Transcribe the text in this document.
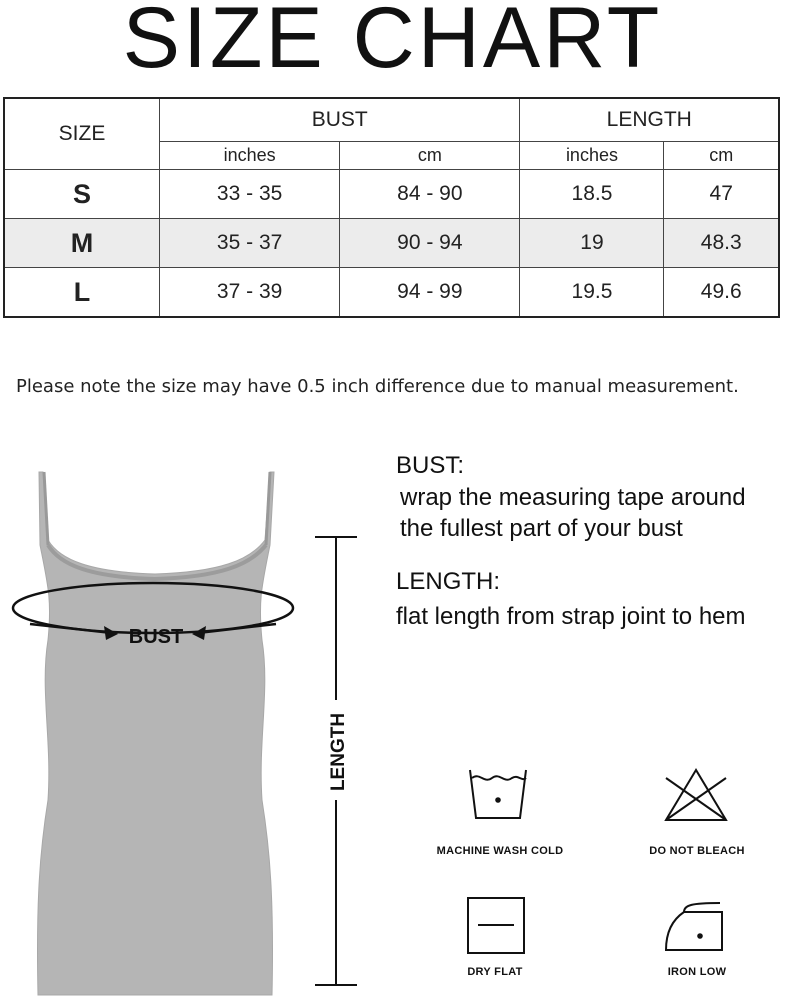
SIZE CHART
SIZE	BUST		LENGTH	
	inches	cm	inches	cm
S	33 - 35	84 - 90	18.5	47
M	35 - 37	90 - 94	19	48.3
L	37 - 39	94 - 99	19.5	49.6
Please note the size may have 0.5 inch difference due to manual measurement.
BUST
LENGTH
BUST:
wrap the measuring tape around
the fullest part of your bust
LENGTH:
flat length from strap joint to hem
MACHINE WASH COLD	DO NOT BLEACH
DRY FLAT	IRON LOW
